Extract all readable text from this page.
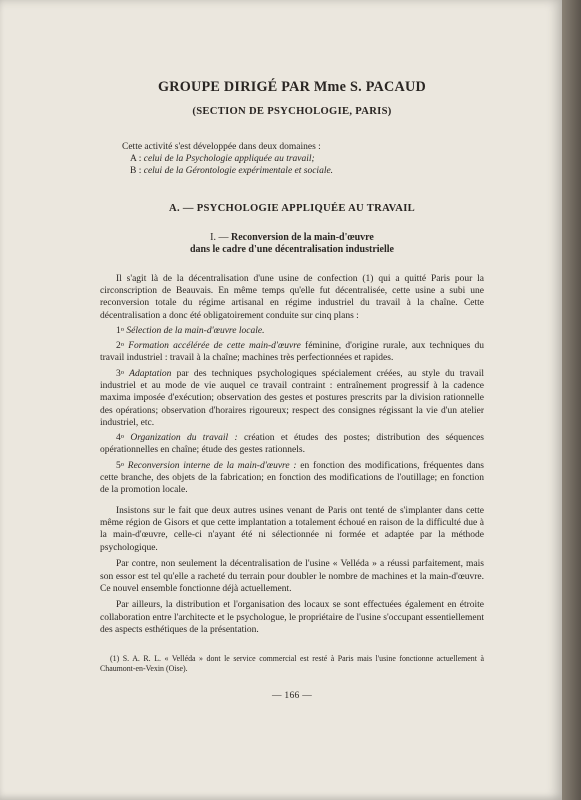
GROUPE DIRIGÉ PAR Mme S. PACAUD
(SECTION DE PSYCHOLOGIE, PARIS)
Cette activité s'est développée dans deux domaines :
A : celui de la Psychologie appliquée au travail;
B : celui de la Gérontologie expérimentale et sociale.
A. — PSYCHOLOGIE APPLIQUÉE AU TRAVAIL
I. — Reconversion de la main-d'œuvre
dans le cadre d'une décentralisation industrielle

Il s'agit là de la décentralisation d'une usine de confection (1) qui a quitté Paris pour la circonscription de Beauvais. En même temps qu'elle fut décentralisée, cette usine a subi une reconversion totale du régime artisanal en régime industriel du travail à la chaîne. Cette décentralisation a donc été obligatoirement conduite sur cinq plans :

1$^o$ Sélection de la main-d'œuvre locale.

2$^o$ Formation accélérée de cette main-d'œuvre féminine, d'origine rurale, aux techniques du travail industriel : travail à la chaîne; machines très perfectionnées et rapides.

3$^o$ Adaptation par des techniques psychologiques spécialement créées, au style du travail industriel et au mode de vie auquel ce travail contraint : entraînement progressif à la cadence maxima imposée d'exécution; observation des gestes et postures prescrits par la division rationnelle des opérations; observation d'horaires rigoureux; respect des consignes régissant la vie d'un atelier industriel, etc.

4$^o$ Organization du travail : création et études des postes; distribution des séquences opérationnelles en chaîne; étude des gestes rationnels.

5$^o$ Reconversion interne de la main-d'œuvre : en fonction des modifications, fréquentes dans cette branche, des objets de la fabrication; en fonction des modifications de l'outillage; en fonction de la promotion locale.

Insistons sur le fait que deux autres usines venant de Paris ont tenté de s'implanter dans cette même région de Gisors et que cette implantation a totalement échoué en raison de la difficulté due à la main-d'œuvre, celle-ci n'ayant été ni sélectionnée ni formée et adaptée par la méthode psychologique.

Par contre, non seulement la décentralisation de l'usine « Velléda » a réussi parfaitement, mais son essor est tel qu'elle a racheté du terrain pour doubler le nombre de machines et la main-d'œuvre. Ce nouvel ensemble fonctionne déjà actuellement.

Par ailleurs, la distribution et l'organisation des locaux se sont effectuées également en étroite collaboration entre l'architecte et le psychologue, le propriétaire de l'usine s'occupant essentiellement des aspects esthétiques de la présentation.

(1) S. A. R. L. « Velléda » dont le service commercial est resté à Paris mais l'usine fonctionne actuellement à Chaumont-en-Vexin (Oise).
— 166 —
